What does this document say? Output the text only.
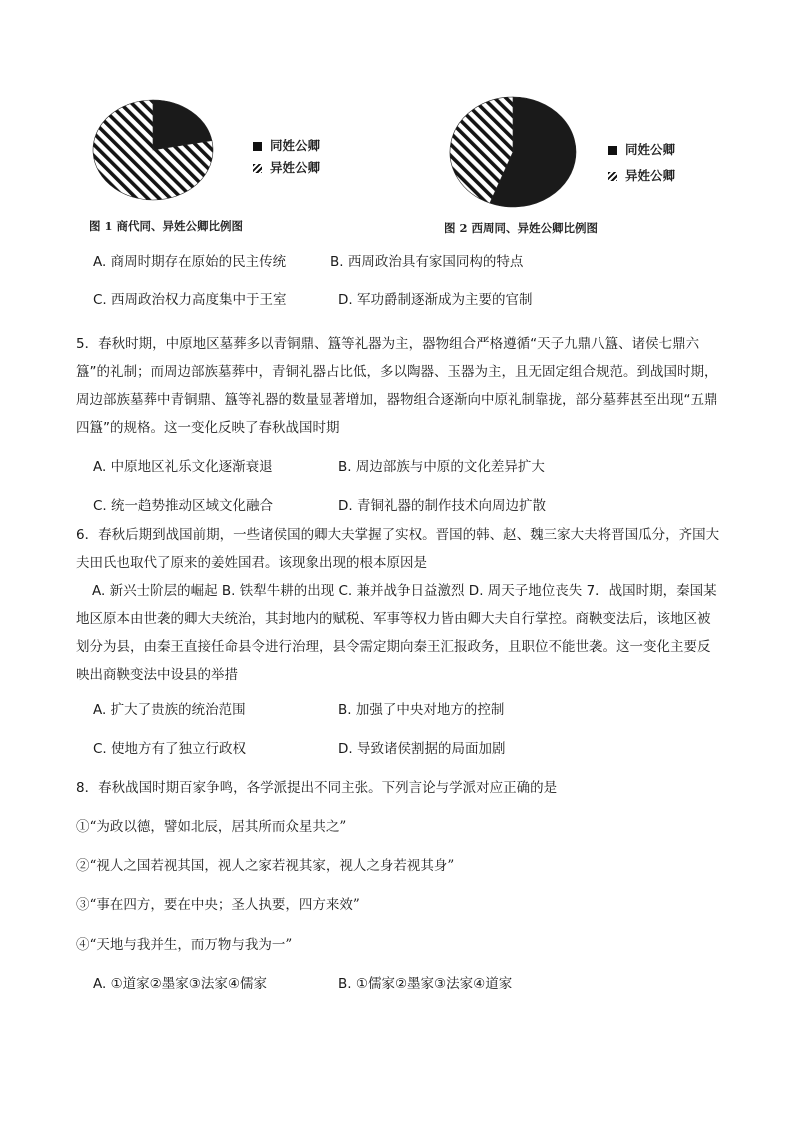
同姓公卿
异姓公卿
图 1 商代同、异姓公卿比例图
同姓公卿
异姓公卿
图 2 西周同、异姓公卿比例图
A. 商周时期存在原始的民主传统	B. 西周政治具有家国同构的特点
C. 西周政治权力高度集中于王室	D. 军功爵制逐渐成为主要的官制
5．春秋时期，中原地区墓葬多以青铜鼎、簋等礼器为主，器物组合严格遵循“天子九鼎八簋、诸侯七鼎六簋”的礼制；而周边部族墓葬中，青铜礼器占比低，多以陶器、玉器为主，且无固定组合规范。到战国时期，周边部族墓葬中青铜鼎、簋等礼器的数量显著增加，器物组合逐渐向中原礼制靠拢，部分墓葬甚至出现“五鼎四簋”的规格。这一变化反映了春秋战国时期
A. 中原地区礼乐文化逐渐衰退	B. 周边部族与中原的文化差异扩大
C. 统一趋势推动区域文化融合	D. 青铜礼器的制作技术向周边扩散
6．春秋后期到战国前期，一些诸侯国的卿大夫掌握了实权。晋国的韩、赵、魏三家大夫将晋国瓜分，齐国大夫田氏也取代了原来的姜姓国君。该现象出现的根本原因是
A. 新兴士阶层的崛起 B. 铁犁牛耕的出现 C. 兼并战争日益激烈 D. 周天子地位丧失 7．战国时期，秦国某地区原本由世袭的卿大夫统治，其封地内的赋税、军事等权力皆由卿大夫自行掌控。商鞅变法后，该地区被划分为县，由秦王直接任命县令进行治理，县令需定期向秦王汇报政务，且职位不能世袭。这一变化主要反映出商鞅变法中设县的举措
A. 扩大了贵族的统治范围	B. 加强了中央对地方的控制
C. 使地方有了独立行政权	D. 导致诸侯割据的局面加剧
8．春秋战国时期百家争鸣，各学派提出不同主张。下列言论与学派对应正确的是
①“为政以德，譬如北辰，居其所而众星共之”
②“视人之国若视其国，视人之家若视其家，视人之身若视其身”
③“事在四方，要在中央；圣人执要，四方来效”
④“天地与我并生，而万物与我为一”
A. ①道家②墨家③法家④儒家	B. ①儒家②墨家③法家④道家
